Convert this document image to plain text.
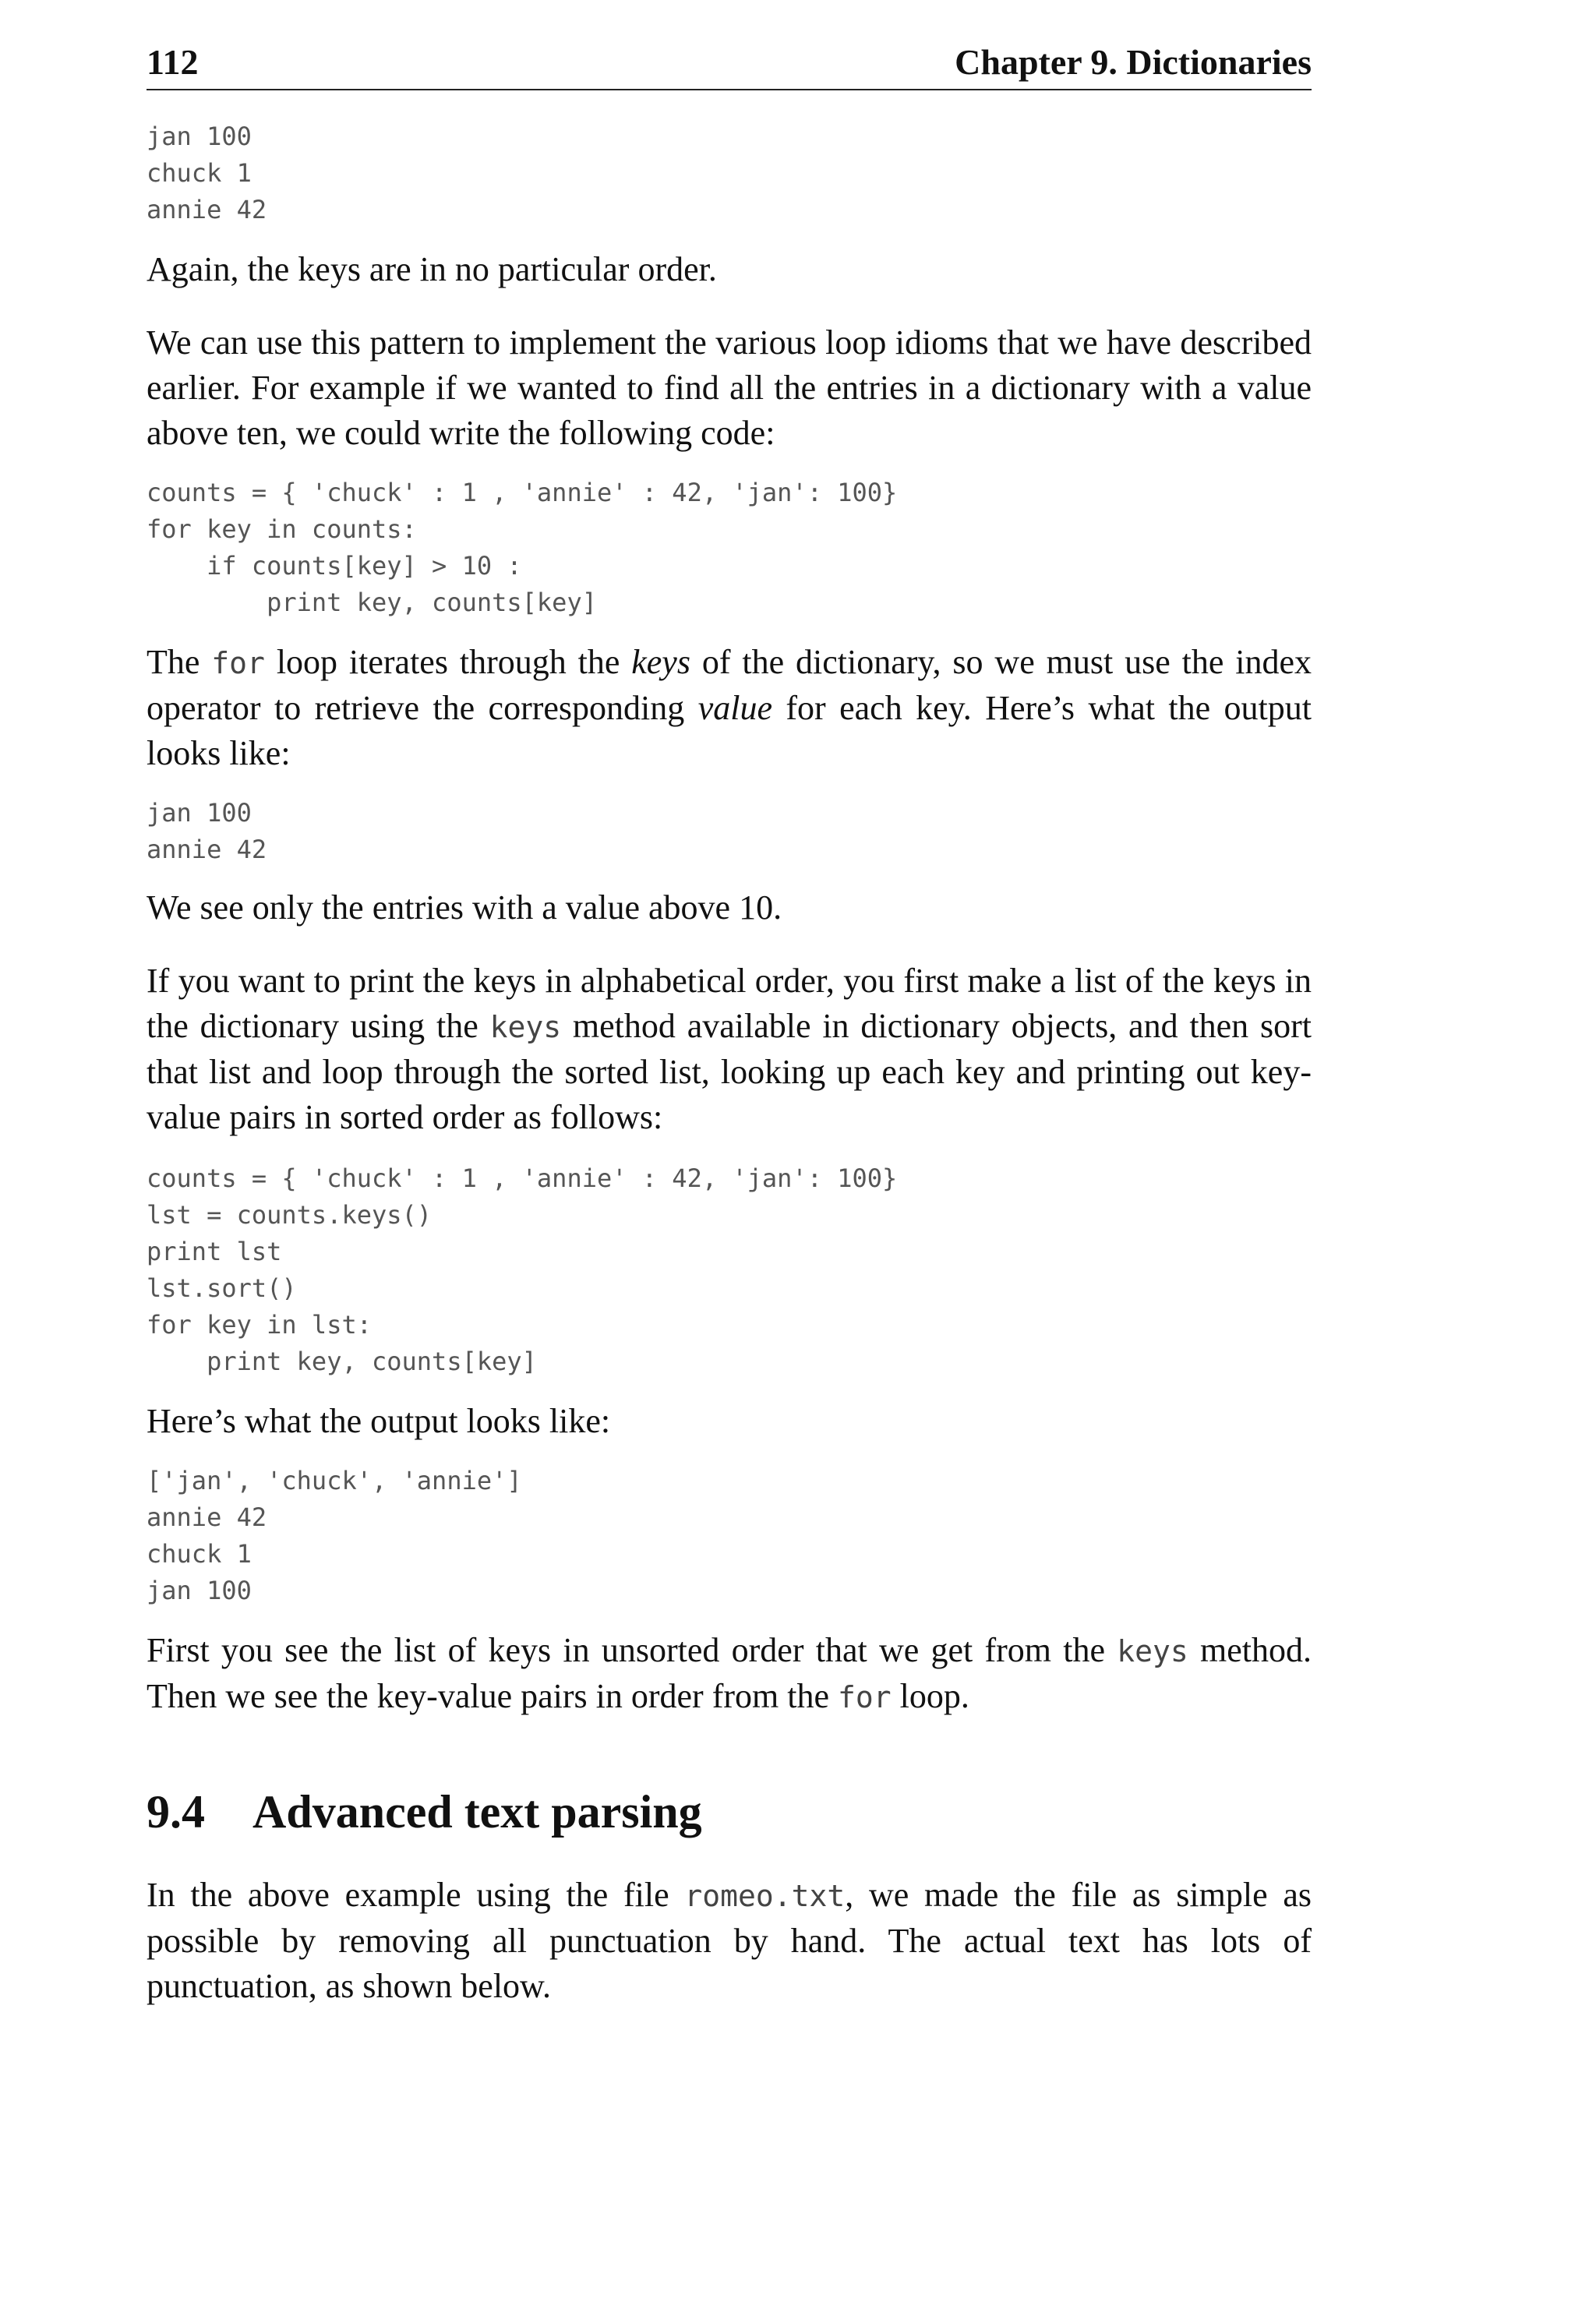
112	Chapter 9. Dictionaries
jan 100
chuck 1
annie 42

Again, the keys are in no particular order.

We can use this pattern to implement the various loop idioms that we have described earlier. For example if we wanted to find all the entries in a dictionary with a value above ten, we could write the following code:

counts = { 'chuck' : 1 , 'annie' : 42, 'jan': 100}
for key in counts:
if counts[key] > 10 :
print key, counts[key]

The for loop iterates through the keys of the dictionary, so we must use the index operator to retrieve the corresponding value for each key. Here’s what the output looks like:

jan 100
annie 42

We see only the entries with a value above 10.

If you want to print the keys in alphabetical order, you first make a list of the keys in the dictionary using the keys method available in dictionary objects, and then sort that list and loop through the sorted list, looking up each key and printing out key-value pairs in sorted order as follows:

counts = { 'chuck' : 1 , 'annie' : 42, 'jan': 100}
lst = counts.keys()
print lst
lst.sort()
for key in lst:
print key, counts[key]

Here’s what the output looks like:

['jan', 'chuck', 'annie']
annie 42
chuck 1
jan 100

First you see the list of keys in unsorted order that we get from the keys method. Then we see the key-value pairs in order from the for loop.

9.4 Advanced text parsing

In the above example using the file romeo.txt, we made the file as simple as possible by removing all punctuation by hand. The actual text has lots of punctuation, as shown below.
